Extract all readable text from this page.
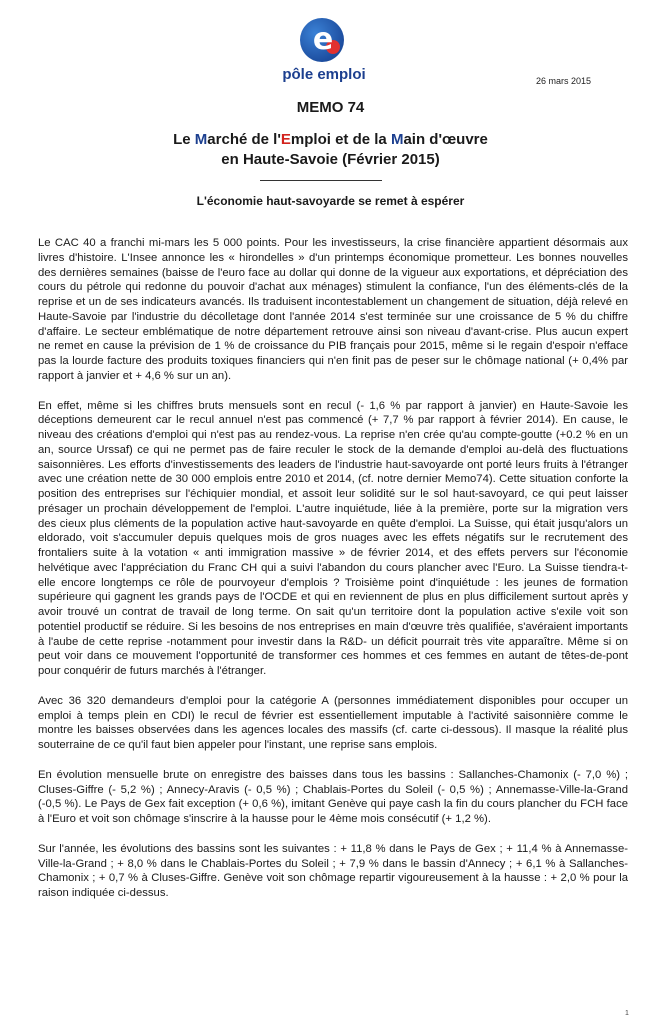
e
pôle emploi	26 mars 2015
MEMO 74
Le Marché de l'Emploi et de la Main d'œuvre
en Haute-Savoie (Février 2015)
L'économie haut-savoyarde se remet à espérer

Le CAC 40 a franchi mi-mars les 5 000 points. Pour les investisseurs, la crise financière appartient désormais aux livres d'histoire. L'Insee annonce les « hirondelles » d'un printemps économique prometteur. Les bonnes nouvelles des dernières semaines (baisse de l'euro face au dollar qui donne de la vigueur aux exportations, et dépréciation des cours du pétrole qui redonne du pouvoir d'achat aux ménages) stimulent la confiance, l'un des éléments-clés de la reprise et un de ses indicateurs avancés. Ils traduisent incontestablement un changement de situation, déjà relevé en Haute-Savoie par l'industrie du décolletage dont l'année 2014 s'est terminée sur une croissance de 5 % du chiffre d'affaire. Le secteur emblématique de notre département retrouve ainsi son niveau d'avant-crise. Plus aucun expert ne remet en cause la prévision de 1 % de croissance du PIB français pour 2015, même si le regain d'espoir n'efface pas la lourde facture des produits toxiques financiers qui n'en finit pas de peser sur le chômage national (+ 0,4% par rapport à janvier et + 4,6 % sur un an).

En effet, même si les chiffres bruts mensuels sont en recul (- 1,6 % par rapport à janvier) en Haute-Savoie les déceptions demeurent car le recul annuel n'est pas commencé (+ 7,7 % par rapport à février 2014). En cause, le niveau des créations d'emploi qui n'est pas au rendez-vous. La reprise n'en crée qu'au compte-goutte (+0.2 % en un an, source Urssaf) ce qui ne permet pas de faire reculer le stock de la demande d'emploi au-delà des fluctuations saisonnières. Les efforts d'investissements des leaders de l'industrie haut-savoyarde ont porté leurs fruits à l'étranger avec une création nette de 30 000 emplois entre 2010 et 2014, (cf. notre dernier Memo74). Cette situation conforte la position des entreprises sur l'échiquier mondial, et assoit leur solidité sur le sol haut-savoyard, ce qui peut laisser présager un prochain développement de l'emploi. L'autre inquiétude, liée à la première, porte sur la migration vers des cieux plus cléments de la population active haut-savoyarde en quête d'emploi. La Suisse, qui était jusqu'alors un eldorado, voit s'accumuler depuis quelques mois de gros nuages avec les effets négatifs sur le recrutement des frontaliers suite à la votation « anti immigration massive » de février 2014, et des effets pervers sur l'économie helvétique avec l'appréciation du Franc CH qui a suivi l'abandon du cours plancher avec l'Euro. La Suisse tiendra-t-elle encore longtemps ce rôle de pourvoyeur d'emplois ? Troisième point d'inquiétude : les jeunes de formation supérieure qui gagnent les grands pays de l'OCDE et qui en reviennent de plus en plus difficilement surtout après y avoir trouvé un contrat de travail de long terme. On sait qu'un territoire dont la population active s'exile voit son potentiel productif se réduire. Si les besoins de nos entreprises en main d'œuvre très qualifiée, s'avéraient importants à l'aube de cette reprise -notamment pour investir dans la R&D- un déficit pourrait très vite apparaître. Même si on peut voir dans ce mouvement l'opportunité de transformer ces hommes et ces femmes en autant de têtes-de-pont pour conquérir de futurs marchés à l'étranger.

Avec 36 320 demandeurs d'emploi pour la catégorie A (personnes immédiatement disponibles pour occuper un emploi à temps plein en CDI) le recul de février est essentiellement imputable à l'activité saisonnière comme le montre les baisses observées dans les agences locales des massifs (cf. carte ci-dessous). Il masque la réalité plus souterraine de ce qu'il faut bien appeler pour l'instant, une reprise sans emplois.

En évolution mensuelle brute on enregistre des baisses dans tous les bassins : Sallanches-Chamonix (- 7,0 %) ; Cluses-Giffre (- 5,2 %) ; Annecy-Aravis (- 0,5 %) ; Chablais-Portes du Soleil (- 0,5 %) ; Annemasse-Ville-la-Grand (-0,5 %). Le Pays de Gex fait exception (+ 0,6 %), imitant Genève qui paye cash la fin du cours plancher du FCH face à l'Euro et voit son chômage s'inscrire à la hausse pour le 4ème mois consécutif (+ 1,2 %).

Sur l'année, les évolutions des bassins sont les suivantes : + 11,8 % dans le Pays de Gex ; + 11,4 % à Annemasse-Ville-la-Grand ; + 8,0 % dans le Chablais-Portes du Soleil ; + 7,9 % dans le bassin d'Annecy ; + 6,1 % à Sallanches-Chamonix ; + 0,7 % à Cluses-Giffre. Genève voit son chômage repartir vigoureusement à la hausse : + 2,0 % pour la raison indiquée ci-dessus.

1
